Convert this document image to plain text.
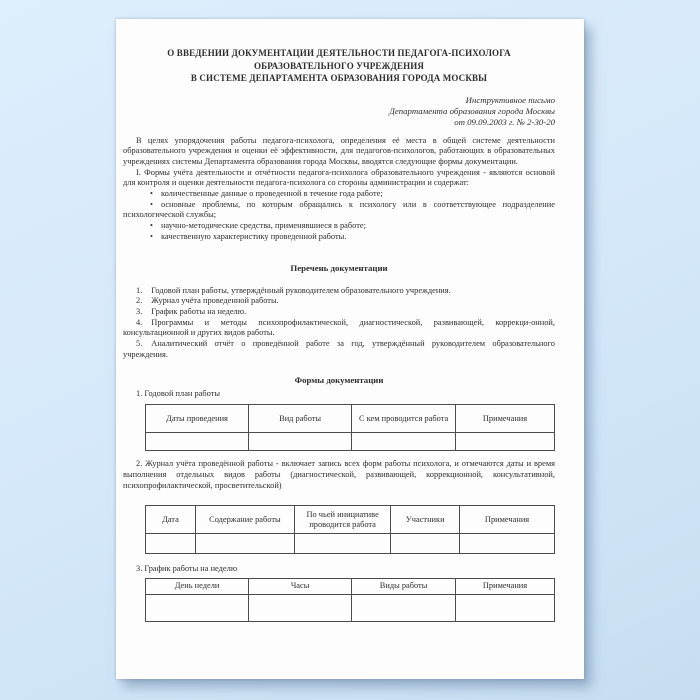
О ВВЕДЕНИИ ДОКУМЕНТАЦИИ ДЕЯТЕЛЬНОСТИ ПЕДАГОГА-ПСИХОЛОГА
ОБРАЗОВАТЕЛЬНОГО УЧРЕЖДЕНИЯ
В СИСТЕМЕ ДЕПАРТАМЕНТА ОБРАЗОВАНИЯ ГОРОДА МОСКВЫ
Инструктивное письмо
Департамента образования города Москвы
от 09.09.2003 г. № 2-30-20

В целях упорядочения работы педагога-психолога, определения её места в общей системе деятельности образовательного учреждения и оценки её эффективности, для педагогов-психологов, работающих в образовательных учреждениях системы Департамента образования города Москвы, вводятся следующие формы документации.

I. Формы учёта деятельности и отчётности педагога-психолога образовательного учреждения - являются основой для контроля и оценки деятельности педагога-психолога со стороны администрации и содержат:

• количественные данные о проведенной в течение года работе;

• основные проблемы, по которым обращались к психологу или в соответствующее подразделение психологической службы;

• научно-методические средства, применявшиеся в работе;

• качественную характеристику проведенной работы.

Перечень документации

1. Годовой план работы, утверждённый руководителем образовательного учреждения.

2. Журнал учёта проведенной работы.

3. График работы на неделю.

4. Программы и методы психопрофилактической, диагностической, развивающей, коррекци-онной, консультационной и других видов работы.

5. Аналитический отчёт о проведённой работе за год, утверждённый руководителем образовательного учреждения.

Формы документации

1. Годовой план работы

Даты проведения	Вид работы	С кем проводится работа	Примечания

2. Журнал учёта проведённой работы - включает запись всех форм работы психолога, и отмечаются даты и время выполнения отдельных видов работы (диагностической, развивающей, коррекционной, консультативной, психопрофилактической, просветительской)

Дата	Содержание работы	По чьей инициативе проводится работа	Участники	Примечания

3. График работы на неделю

День недели	Часы	Виды работы	Примечания
